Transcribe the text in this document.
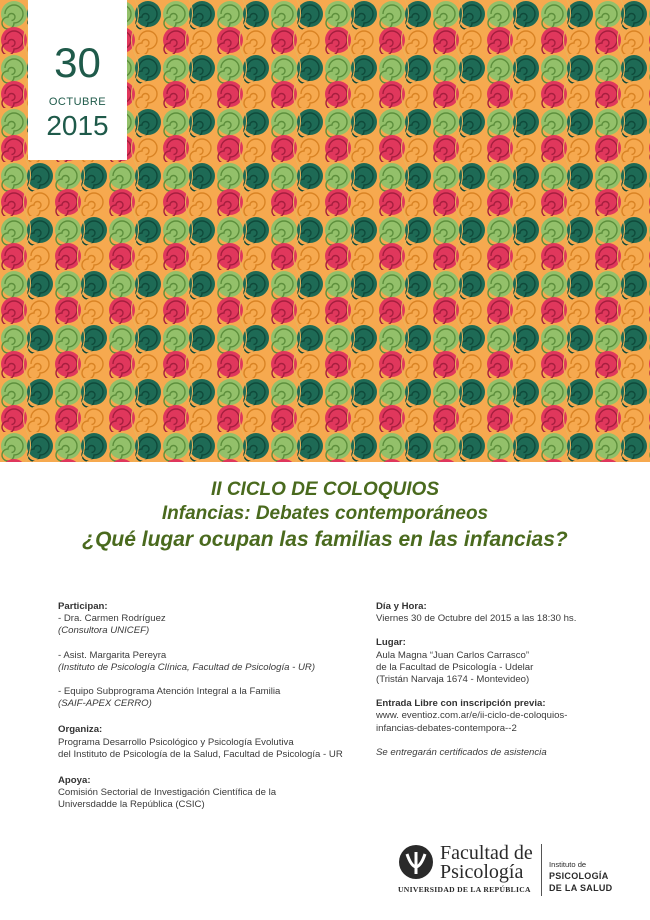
30
OCTUBRE
2015
II CICLO DE COLOQUIOS
Infancias: Debates contemporáneos
¿Qué lugar ocupan las familias en las infancias?
Participan:
- Dra. Carmen Rodríguez
(Consultora UNICEF)
- Asist. Margarita Pereyra
(Instituto de Psicología Clínica, Facultad de Psicología - UR)
- Equipo Subprograma Atención Integral a la Familia
(SAIF-APEX CERRO)
Organiza:
Programa Desarrollo Psicológico y Psicología Evolutiva
del Instituto de Psicología de la Salud, Facultad de Psicología - UR
Apoya:
Comisión Sectorial de Investigación Científica de la
Universdadde la República (CSIC)
Día y Hora:
Viernes 30 de Octubre del 2015 a las 18:30 hs.
Lugar:
Aula Magna “Juan Carlos Carrasco”
de la Facultad de Psicología - Udelar
(Tristán Narvaja 1674 - Montevideo)
Entrada Libre con inscripción previa:
www. eventioz.com.ar/e/ii-ciclo-de-coloquios-
infancias-debates-contempora--2
Se entregarán certificados de asistencia
Facultad de
Psicología
UNIVERSIDAD DE LA REPÚBLICA
Instituto de
PSICOLOGÍA
DE LA SALUD
